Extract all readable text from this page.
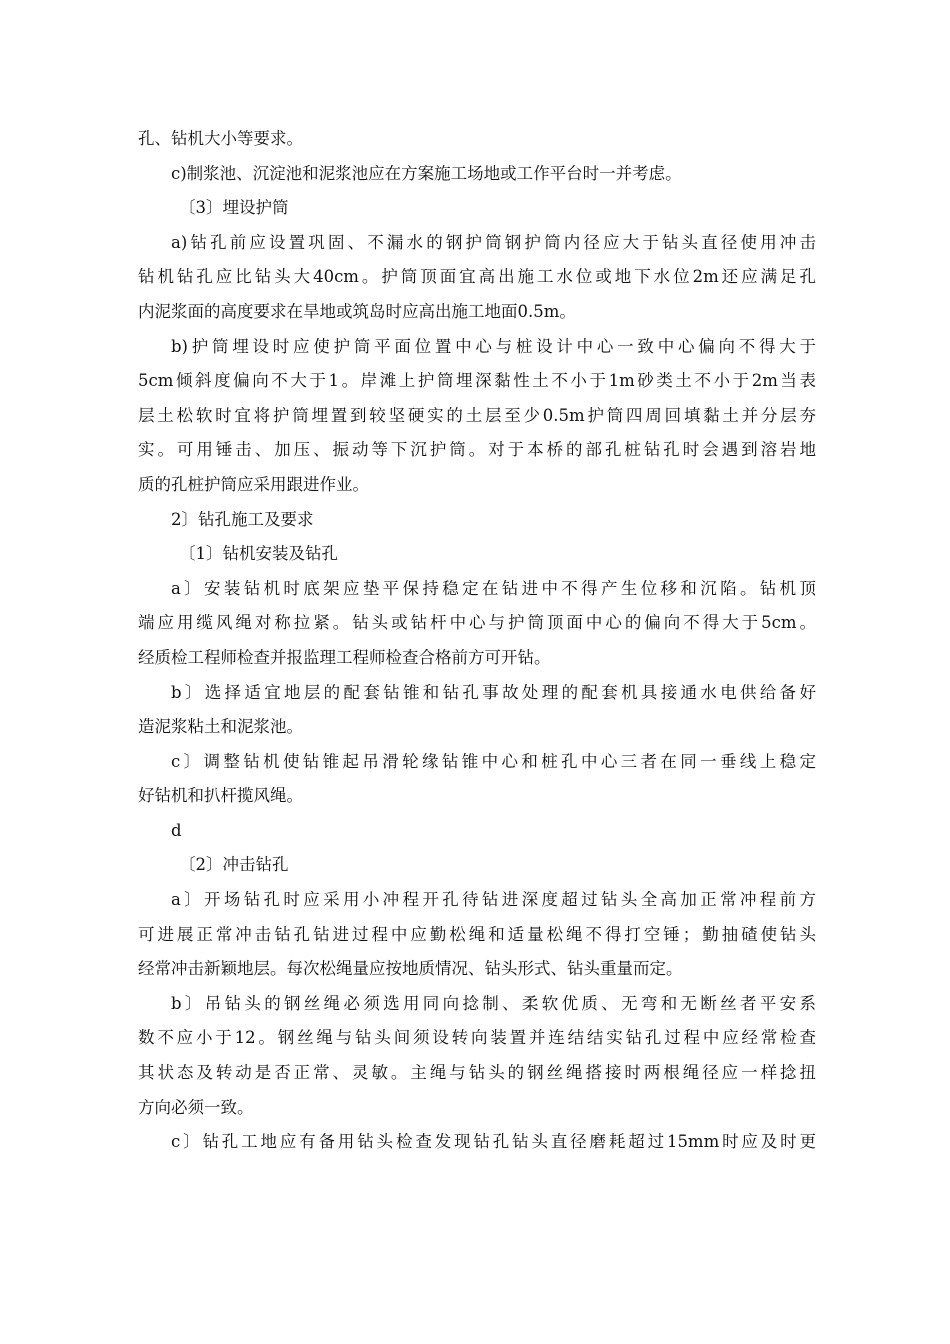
孔、钻机大小等要求。
c)制浆池、沉淀池和泥浆池应在方案施工场地或工作平台时一并考虑。
〔3〕埋设护筒
a)钻孔前应设置巩固、不漏水的钢护筒钢护筒内径应大于钻头直径使用冲击
钻机钻孔应比钻头大40cm。护筒顶面宜高出施工水位或地下水位2m还应满足孔
内泥浆面的高度要求在旱地或筑岛时应高出施工地面0.5m。
b)护筒埋设时应使护筒平面位置中心与桩设计中心一致中心偏向不得大于
5cm倾斜度偏向不大于1。岸滩上护筒埋深黏性土不小于1m砂类土不小于2m当表
层土松软时宜将护筒埋置到较坚硬实的土层至少0.5m护筒四周回填黏土并分层夯
实。可用锤击、加压、振动等下沉护筒。对于本桥的部孔桩钻孔时会遇到溶岩地
质的孔桩护筒应采用跟进作业。
2〕钻孔施工及要求
〔1〕钻机安装及钻孔
a〕安装钻机时底架应垫平保持稳定在钻进中不得产生位移和沉陷。钻机顶
端应用缆风绳对称拉紧。钻头或钻杆中心与护筒顶面中心的偏向不得大于5cm。
经质检工程师检查并报监理工程师检查合格前方可开钻。
b〕选择适宜地层的配套钻锥和钻孔事故处理的配套机具接通水电供给备好
造泥浆粘土和泥浆池。
c〕调整钻机使钻锥起吊滑轮缘钻锥中心和桩孔中心三者在同一垂线上稳定
好钻机和扒杆揽风绳。
d
〔2〕冲击钻孔
a〕开场钻孔时应采用小冲程开孔待钻进深度超过钻头全高加正常冲程前方
可进展正常冲击钻孔钻进过程中应勤松绳和适量松绳不得打空锤；勤抽碴使钻头
经常冲击新颖地层。每次松绳量应按地质情况、钻头形式、钻头重量而定。
b〕吊钻头的钢丝绳必须选用同向捻制、柔软优质、无弯和无断丝者平安系
数不应小于12。钢丝绳与钻头间须设转向装置并连结结实钻孔过程中应经常检查
其状态及转动是否正常、灵敏。主绳与钻头的钢丝绳搭接时两根绳径应一样捻扭
方向必须一致。
c〕钻孔工地应有备用钻头检查发现钻孔钻头直径磨耗超过15mm时应及时更
